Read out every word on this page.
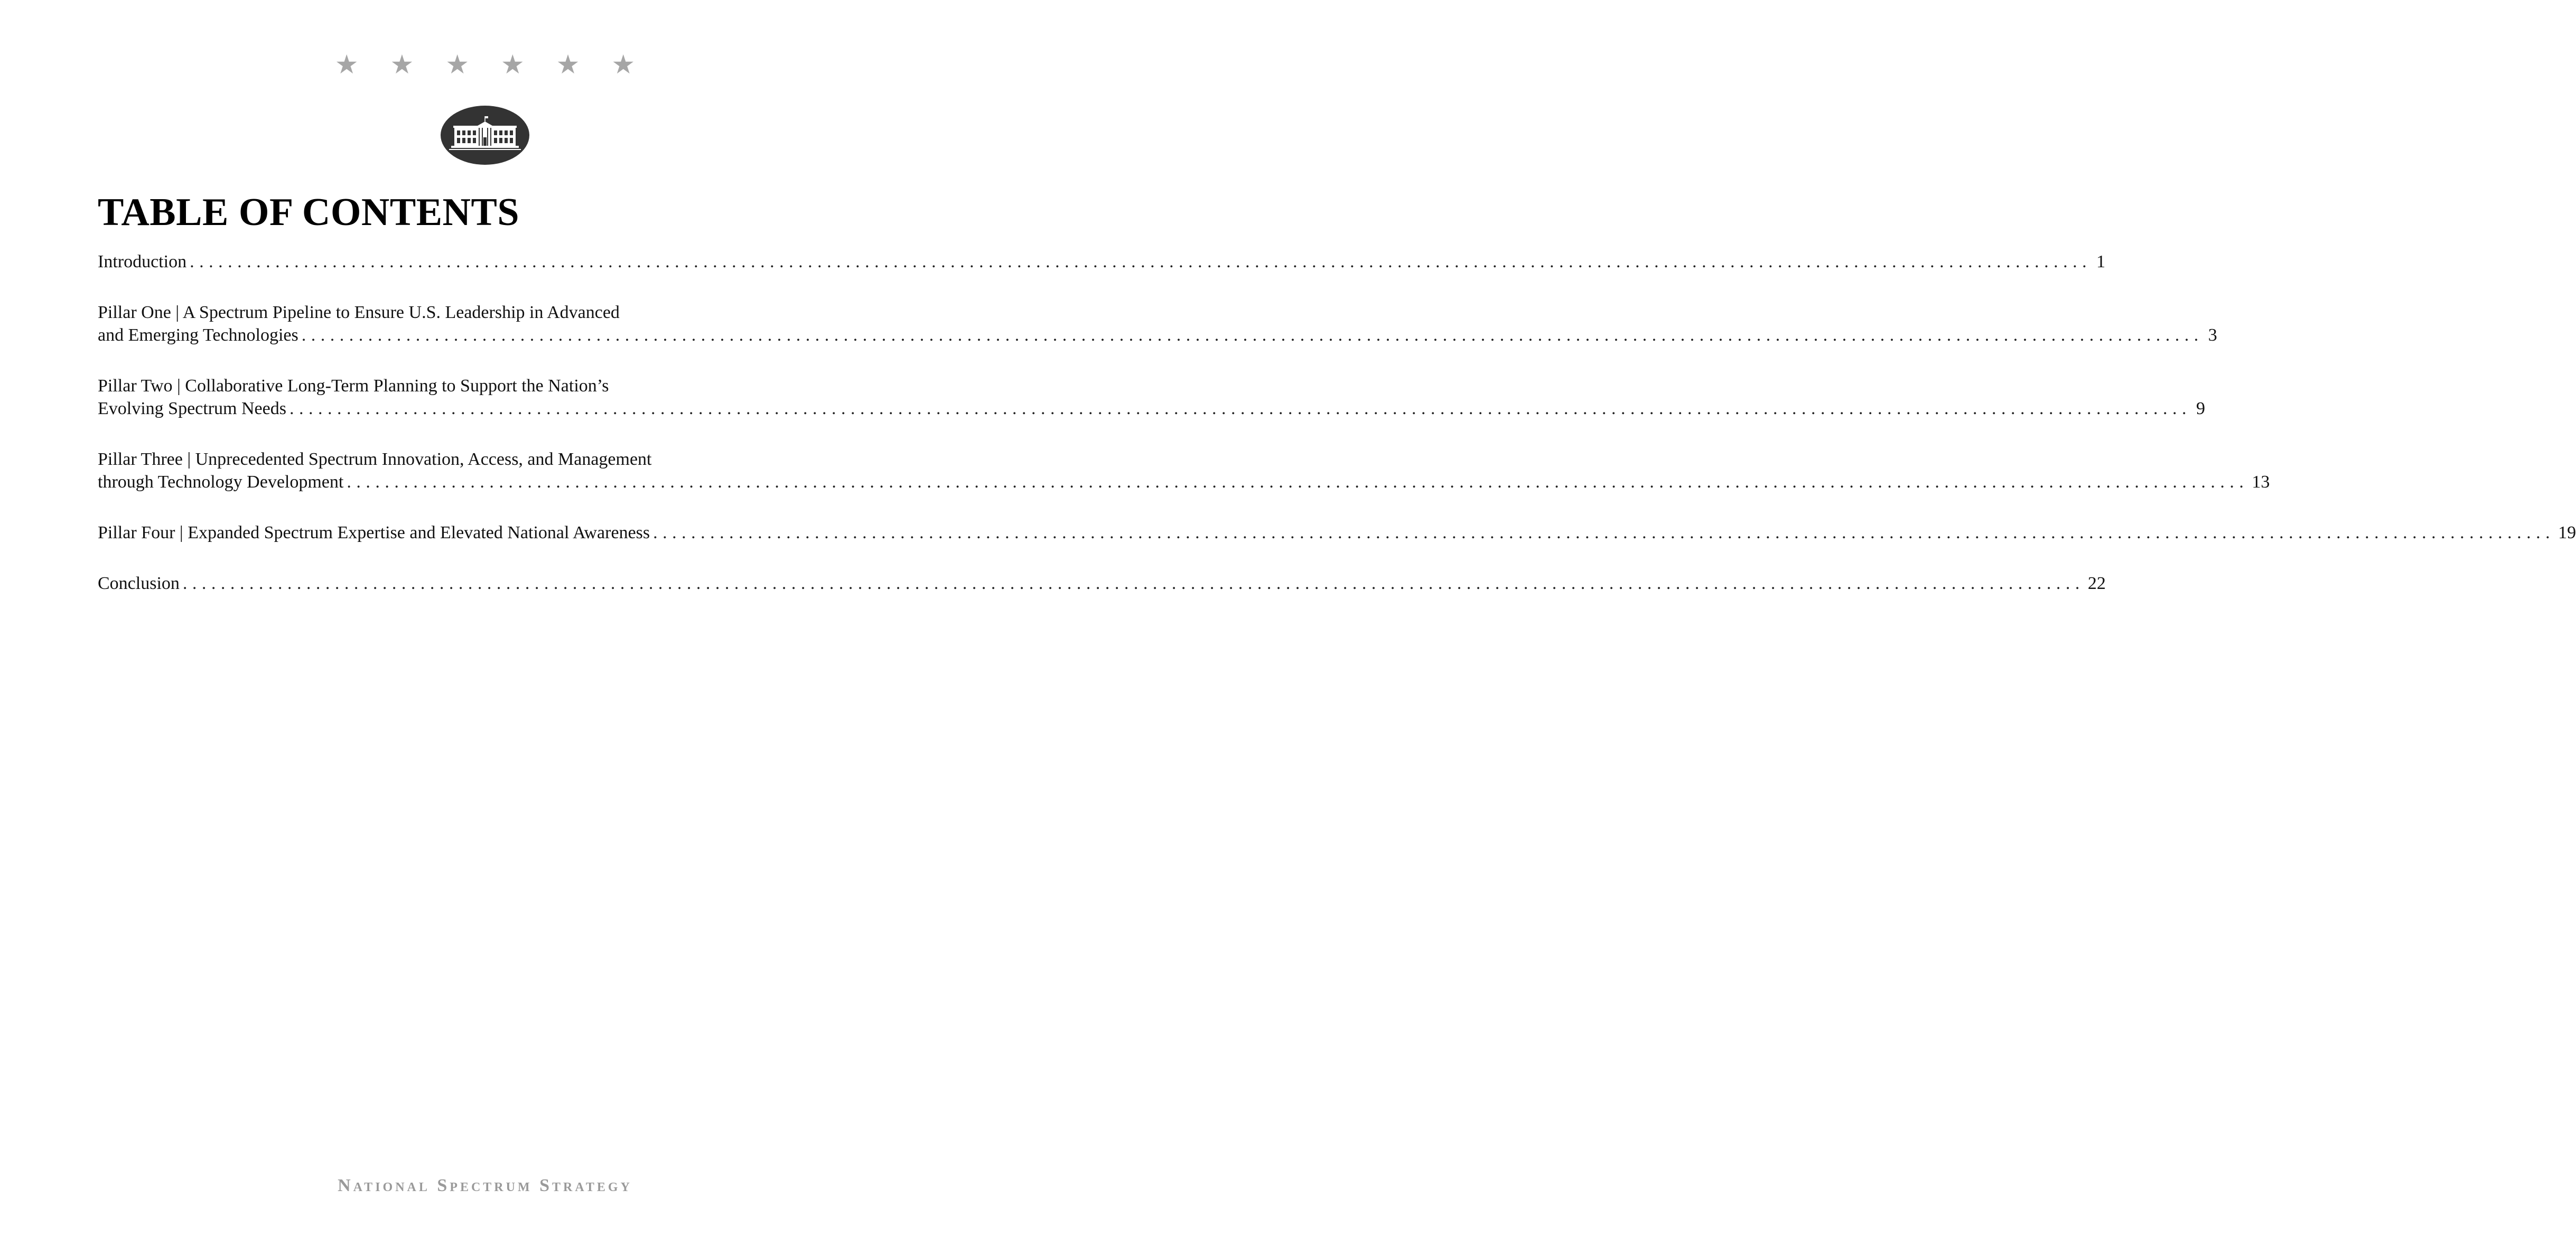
★ ★ ★ ★ ★ ★
TABLE OF CONTENTS
Introduction ........................................................................................................................................................................................................ 1
Pillar One | A Spectrum Pipeline to Ensure U.S. Leadership in Advanced
and Emerging Technologies ........................................................................................................................................................................................................ 3
Pillar Two | Collaborative Long-Term Planning to Support the Nation’s
Evolving Spectrum Needs ........................................................................................................................................................................................................ 9
Pillar Three | Unprecedented Spectrum Innovation, Access, and Management
through Technology Development ........................................................................................................................................................................................................ 13
Pillar Four | Expanded Spectrum Expertise and Elevated National Awareness ........................................................................................................................................................................................................ 19
Conclusion ........................................................................................................................................................................................................ 22
National Spectrum Strategy
